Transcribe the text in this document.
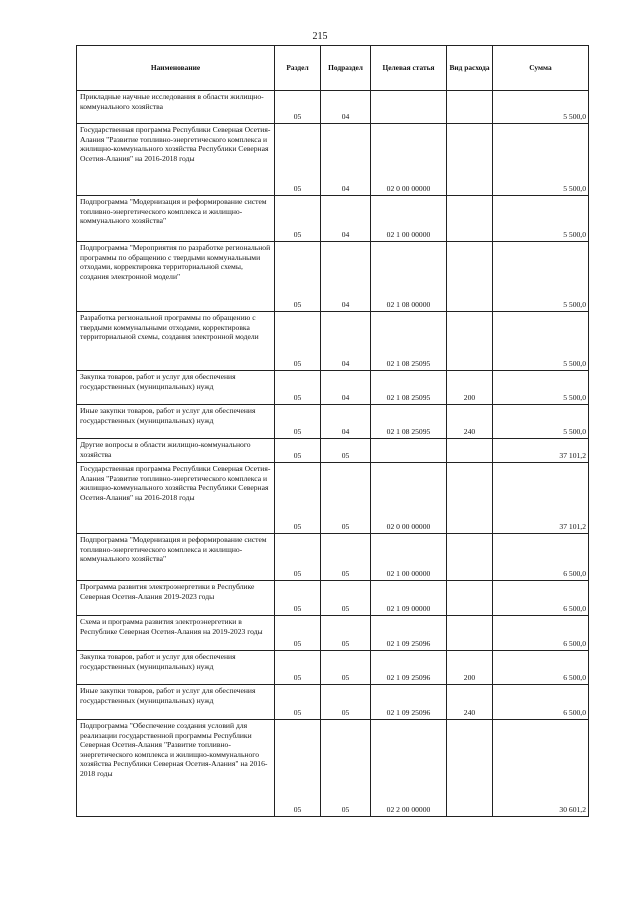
215
Наименование	Раздел	Подраздел	Целевая статья	Вид расхода	Сумма
Прикладные научные исследования в области жилищно-коммунального хозяйства	05	04			5 500,0
Государственная программа Республики Северная Осетия-Алания "Развитие топливно-энергетического комплекса и жилищно-коммунального хозяйства Республики Северная Осетия-Алания" на 2016-2018 годы	05	04	02 0 00 00000		5 500,0
Подпрограмма "Модернизация и реформирование систем топливно-энергетического комплекса и жилищно-коммунального хозяйства"	05	04	02 1 00 00000		5 500,0
Подпрограмма "Мероприятия по разработке региональной программы по обращению с твердыми коммунальными отходами, корректировка территориальной схемы, создания электронной модели"	05	04	02 1 08 00000		5 500,0
Разработка региональной программы по обращению с твердыми коммунальными отходами, корректировка территориальной схемы, создания электронной модели	05	04	02 1 08 25095		5 500,0
Закупка товаров, работ и услуг для обеспечения государственных (муниципальных) нужд	05	04	02 1 08 25095	200	5 500,0
Иные закупки товаров, работ и услуг для обеспечения государственных (муниципальных) нужд	05	04	02 1 08 25095	240	5 500,0
Другие вопросы в области жилищно-коммунального хозяйства	05	05			37 101,2
Государственная программа Республики Северная Осетия-Алания "Развитие топливно-энергетического комплекса и жилищно-коммунального хозяйства Республики Северная Осетия-Алания" на 2016-2018 годы	05	05	02 0 00 00000		37 101,2
Подпрограмма "Модернизация и реформирование систем топливно-энергетического комплекса и жилищно-коммунального хозяйства"	05	05	02 1 00 00000		6 500,0
Программа развития электроэнергетики в Республике Северная Осетия-Алания 2019-2023 годы	05	05	02 1 09 00000		6 500,0
Схема и программа развития электроэнергетики в Республике Северная Осетия-Алания на 2019-2023 годы	05	05	02 1 09 25096		6 500,0
Закупка товаров, работ и услуг для обеспечения государственных (муниципальных) нужд	05	05	02 1 09 25096	200	6 500,0
Иные закупки товаров, работ и услуг для обеспечения государственных (муниципальных) нужд	05	05	02 1 09 25096	240	6 500,0
Подпрограмма "Обеспечение создания условий для реализации государственной программы Республики Северная Осетия-Алания "Развитие топливно-энергетического комплекса и жилищно-коммунального хозяйства Республики Северная Осетия-Алания" на 2016-2018 годы	05	05	02 2 00 00000		30 601,2
